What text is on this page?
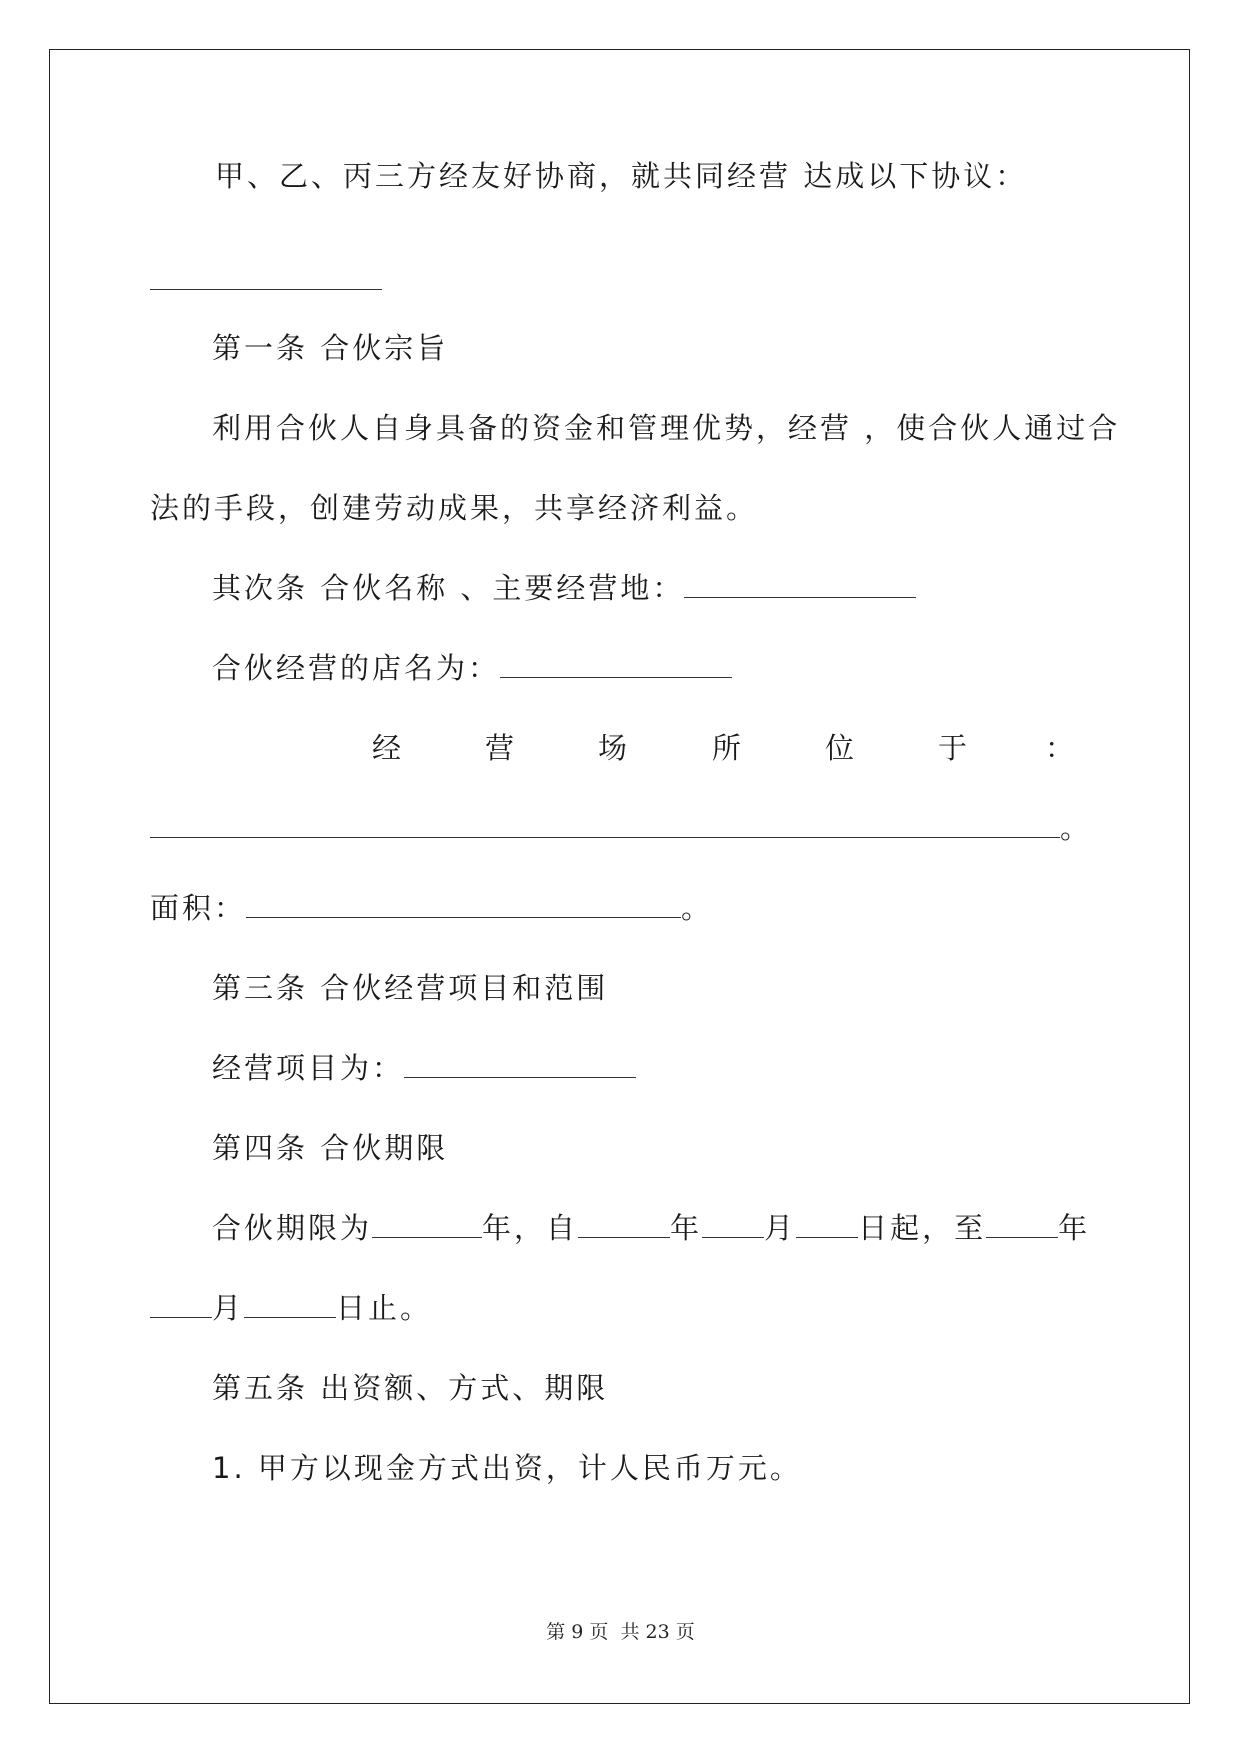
甲、乙、丙三方经友好协商，就共同经营 达成以下协议：
第一条 合伙宗旨
利用合伙人自身具备的资金和管理优势，经营 ，使合伙人通过合
法的手段，创建劳动成果，共享经济利益。
其次条 合伙名称 、主要经营地：
合伙经营的店名为：
经	营	场	所	位	于	：
。
面积：	。
第三条 合伙经营项目和范围
经营项目为：
第四条 合伙期限
合伙期限为	年，自	年 月 日起，至 年
月	日止。
第五条 出资额、方式、期限
1. 甲方以现金方式出资，计人民币万元。
第 9 页 共 23 页
